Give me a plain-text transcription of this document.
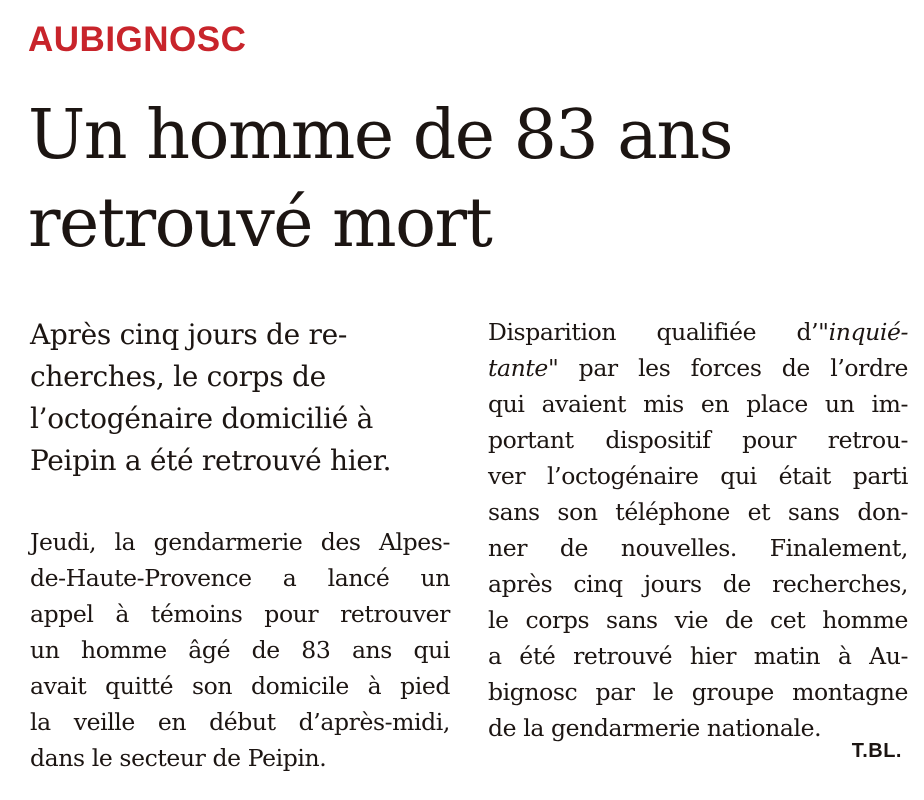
AUBIGNOSC
Un homme de 83 ans
retrouvé mort
Après cinq jours de re-
cherches, le corps de
l’octogénaire domicilié à
Peipin a été retrouvé hier.
Jeudi, la gendarmerie des Alpes-
de-Haute-Provence a lancé un
appel à témoins pour retrouver
un homme âgé de 83 ans qui
avait quitté son domicile à pied
la veille en début d’après-midi,
dans le secteur de Peipin.
Disparition qualifiée d’"inquié-
tante" par les forces de l’ordre
qui avaient mis en place un im-
portant dispositif pour retrou-
ver l’octogénaire qui était parti
sans son téléphone et sans don-
ner de nouvelles. Finalement,
après cinq jours de recherches,
le corps sans vie de cet homme
a été retrouvé hier matin à Au-
bignosc par le groupe montagne
de la gendarmerie nationale.
T.BL.
